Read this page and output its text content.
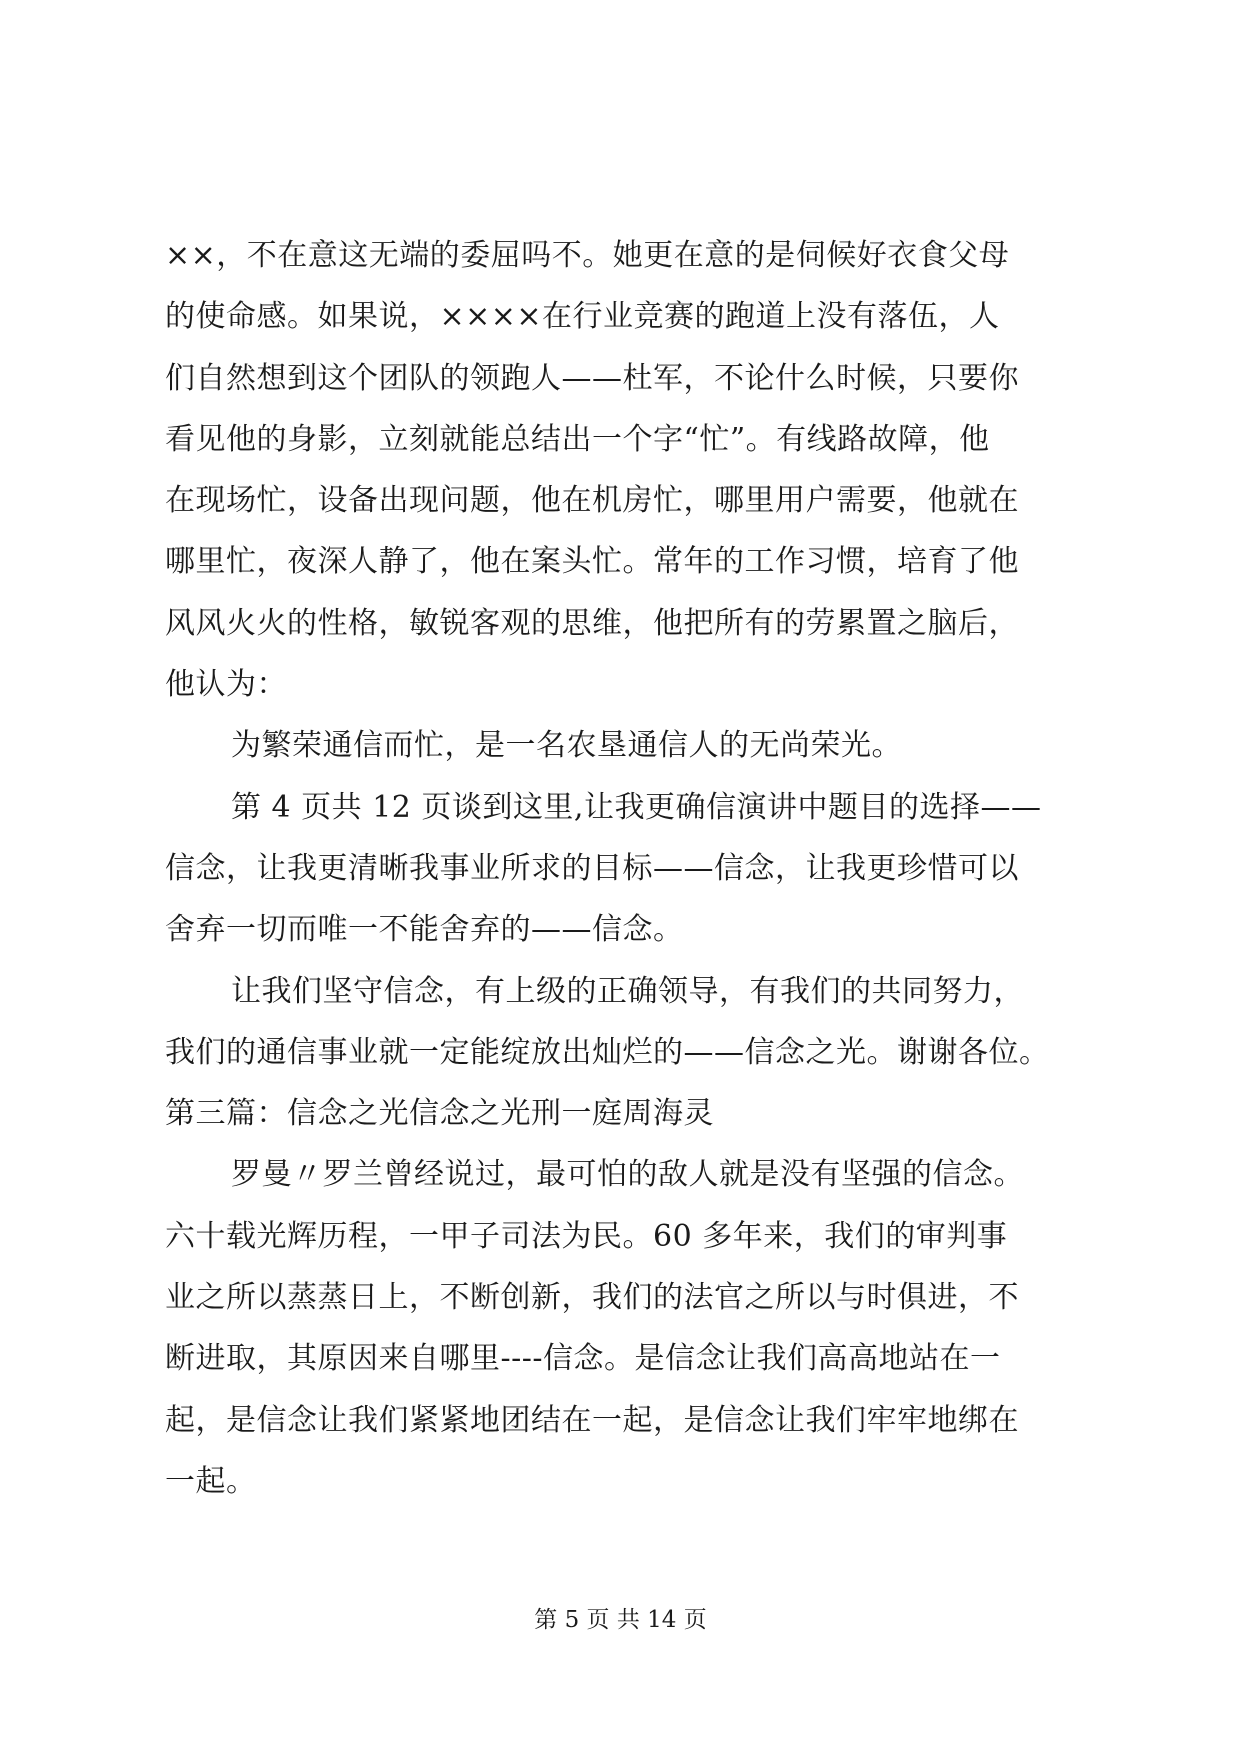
××，不在意这无端的委屈吗不。她更在意的是伺候好衣食父母
的使命感。如果说，××××在行业竞赛的跑道上没有落伍，人
们自然想到这个团队的领跑人——杜军，不论什么时候，只要你
看见他的身影，立刻就能总结出一个字“忙”。有线路故障，他
在现场忙，设备出现问题，他在机房忙，哪里用户需要，他就在
哪里忙，夜深人静了，他在案头忙。常年的工作习惯，培育了他
风风火火的性格，敏锐客观的思维，他把所有的劳累置之脑后，
他认为：
为繁荣通信而忙，是一名农垦通信人的无尚荣光。
第 4 页共 12 页谈到这里,让我更确信演讲中题目的选择——
信念，让我更清晰我事业所求的目标——信念，让我更珍惜可以
舍弃一切而唯一不能舍弃的——信念。
让我们坚守信念，有上级的正确领导，有我们的共同努力，
我们的通信事业就一定能绽放出灿烂的——信念之光。谢谢各位。
第三篇：信念之光信念之光刑一庭周海灵
罗曼〃罗兰曾经说过，最可怕的敌人就是没有坚强的信念。
六十载光辉历程，一甲子司法为民。60 多年来，我们的审判事
业之所以蒸蒸日上，不断创新，我们的法官之所以与时俱进，不
断进取，其原因来自哪里----信念。是信念让我们高高地站在一
起，是信念让我们紧紧地团结在一起，是信念让我们牢牢地绑在
一起。
第 5 页 共 14 页
